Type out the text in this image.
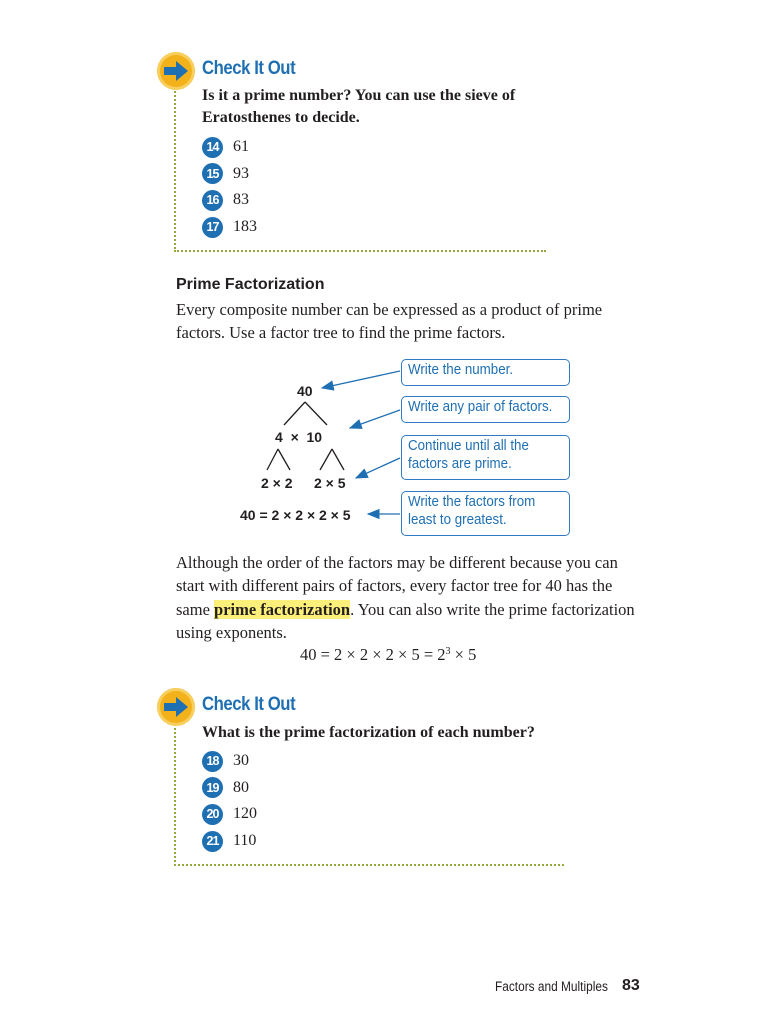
Check It Out
Is it a prime number? You can use the sieve of Eratosthenes to decide.
14 61
15 93
16 83
17 183
Prime Factorization
Every composite number can be expressed as a product of prime factors. Use a factor tree to find the prime factors.
40
4  ×  10
2 × 2 2 × 5
40 = 2 × 2 × 2 × 5
Write the number.
Write any pair of factors.
Continue until all the
factors are prime.
Write the factors from
least to greatest.
Although the order of the factors may be different because you can start with different pairs of factors, every factor tree for 40 has the same prime factorization. You can also write the prime factorization using exponents.
$40 = 2 \times 2 \times 2 \times 5 = 2^3 \times 5$
Check It Out
What is the prime factorization of each number?
18 30
19 80
20 120
21 110
Factors and Multiples 83
